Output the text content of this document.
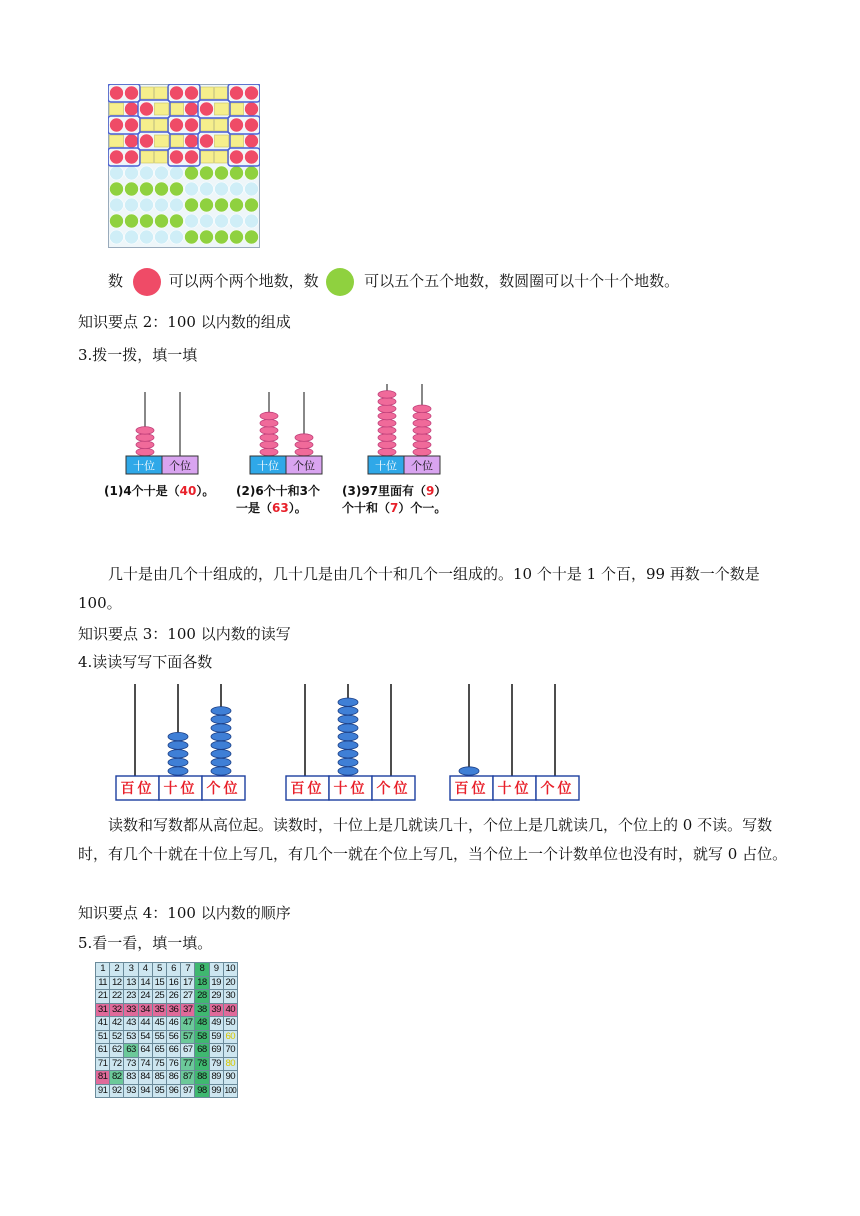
数	可以两个两个地数，数	可以五个五个地数，数圆圈可以十个十个地数。
知识要点 2：100 以内数的组成
3.拨一拨，填一填
十位 个位	十位 个位	十位 个位
(1)4个十是（40）。 (2)6个十和3个
一是（63）。
(3)97里面有（9）
个十和（7）个一。
几十是由几个十组成的，几十几是由几个十和几个一组成的。10 个十是 1 个百，99 再数一个数是 100。
知识要点 3：100 以内数的读写
4.读读写写下面各数
百位 十位 个位	百位 十位 个位	百位 十位 个位
读数和写数都从高位起。读数时，十位上是几就读几十，个位上是几就读几，个位上的 0 不读。写数时，有几个十就在十位上写几，有几个一就在个位上写几，当个位上一个计数单位也没有时，就写 0 占位。
知识要点 4：100 以内数的顺序
5.看一看，填一填。
1	2	3	4	5	6	7	8	9	10
11	12	13	14	15	16	17	18	19	20
21	22	23	24	25	26	27	28	29	30
31	32	33	34	35	36	37	38	39	40
41	42	43	44	45	46	47	48	49	50
51	52	53	54	55	56	57	58	59	60
61	62	63	64	65	66	67	68	69	70
71	72	73	74	75	76	77	78	79	80
81	82	83	84	85	86	87	88	89	90
91	92	93	94	95	96	97	98	99	100
